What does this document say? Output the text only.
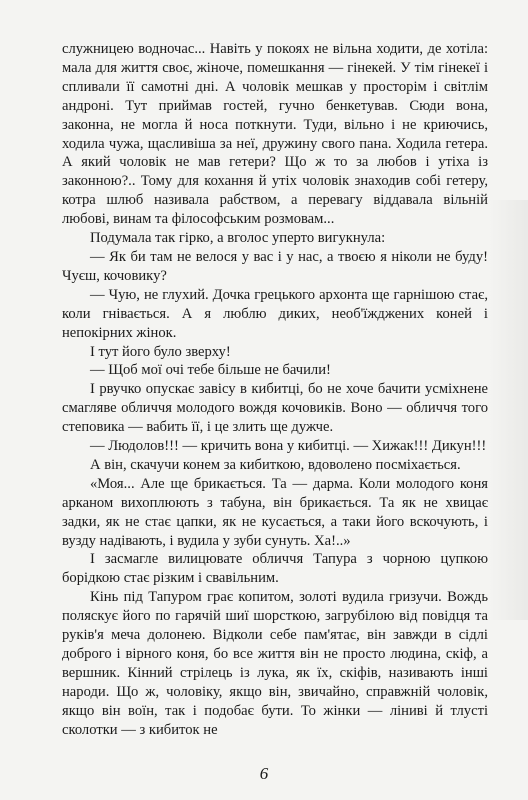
служницею водночас... Навіть у покоях не вільна ходити, де хотіла: мала для життя своє, жіноче, помешкання — гінекей. У тім гінекеї і спливали її самотні дні. А чоловік мешкав у просторім і світлім андроні. Тут приймав гостей, гучно бенкетував. Сюди вона, законна, не могла й носа поткнути. Туди, вільно і не криючись, ходила чужа, щасливіша за неї, дружину свого пана. Ходила гетера. А який чоловік не мав гетери? Що ж то за любов і утіха із законною?.. Тому для кохання й утіх чоловік знаходив собі гетеру, котра шлюб називала рабством, а перевагу віддавала вільній любові, винам та філософським розмовам...

Подумала так гірко, а вголос уперто вигукнула:

— Як би там не велося у вас і у нас, а твоєю я ніколи не буду! Чуєш, кочовику?

— Чую, не глухий. Дочка грецького архонта ще гарнішою стає, коли гнівається. А я люблю диких, необ'їжджених коней і непокірних жінок.

І тут його було зверху!

— Щоб мої очі тебе більше не бачили!

І рвучко опускає завісу в кибитці, бо не хоче бачити усміхнене смагляве обличчя молодого вождя кочовиків. Воно — обличчя того степовика — вабить її, і це злить ще дужче.

— Людолов!!! — кричить вона у кибитці. — Хижак!!! Дикун!!!

А він, скачучи конем за кибиткою, вдоволено посміхається.

«Моя... Але ще брикається. Та — дарма. Коли молодого коня арканом вихоплюють з табуна, він брикається. Та як не хвицає задки, як не стає цапки, як не кусається, а таки його вскочують, і вузду надівають, і вудила у зуби сунуть. Ха!..»

І засмагле вилицювате обличчя Тапура з чорною цупкою борідкою стає різким і свавільним.

Кінь під Тапуром грає копитом, золоті вудила гризучи. Вождь поляскує його по гарячій шиї шорсткою, загрубілою від повідця та руків'я меча долонею. Відколи себе пам'ятає, він завжди в сідлі доброго і вірного коня, бо все життя він не просто людина, скіф, а вершник. Кінний стрілець із лука, як їх, скіфів, називають інші народи. Що ж, чоловіку, якщо він, звичайно, справжній чоловік, якщо він воїн, так і подобає бути. То жінки — ліниві й тлусті сколотки — з кибиток не

6
